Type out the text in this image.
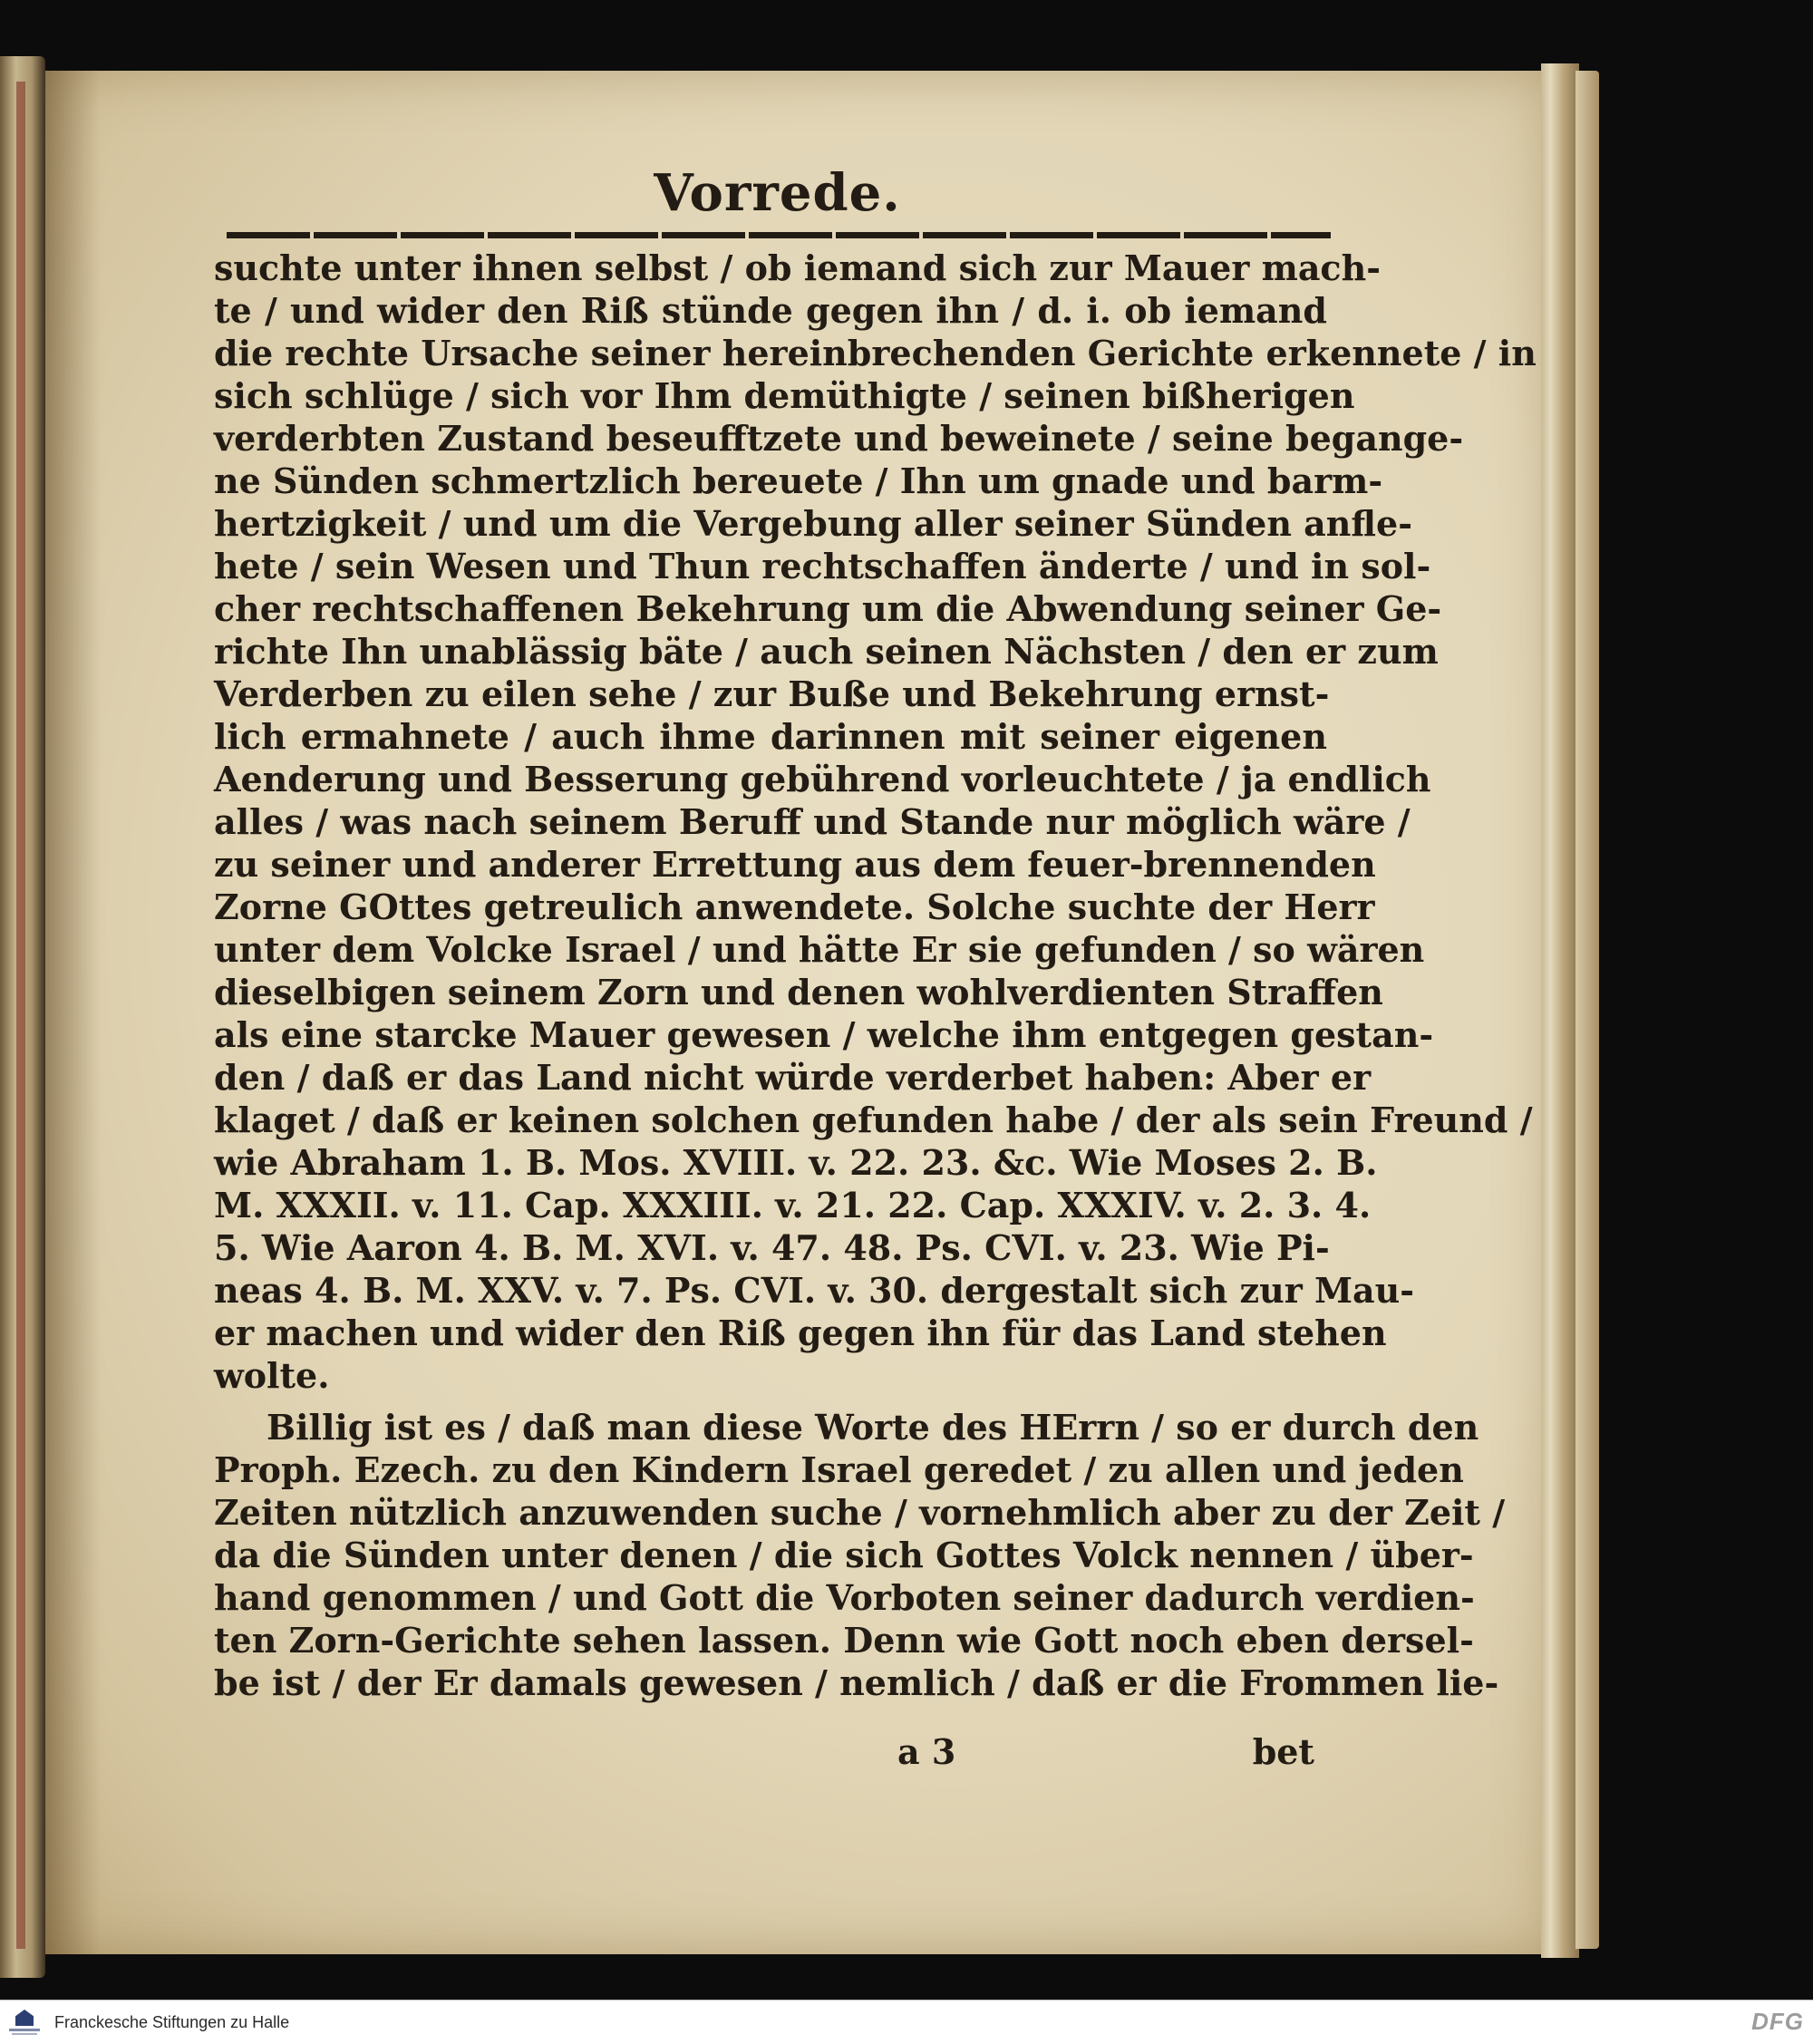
Vorrede.
suchte unter ihnen selbst / ob iemand sich zur Mauer mach-
te / und wider den Riß stünde gegen ihn / d. i. ob iemand
die rechte Ursache seiner hereinbrechenden Gerichte erkennete / in
sich schlüge / sich vor Ihm demüthigte / seinen bißherigen
verderbten Zustand beseufftzete und beweinete / seine begange-
ne Sünden schmertzlich bereuete / Ihn um gnade und barm-
hertzigkeit / und um die Vergebung aller seiner Sünden anfle-
hete / sein Wesen und Thun rechtschaffen änderte / und in sol-
cher rechtschaffenen Bekehrung um die Abwendung seiner Ge-
richte Ihn unablässig bäte / auch seinen Nächsten / den er zum
Verderben zu eilen sehe / zur Buße und Bekehrung ernst-
lich ermahnete / auch ihme darinnen mit seiner eigenen
Aenderung und Besserung gebührend vorleuchtete / ja endlich
alles / was nach seinem Beruff und Stande nur möglich wäre /
zu seiner und anderer Errettung aus dem feuer-brennenden
Zorne GOttes getreulich anwendete. Solche suchte der Herr
unter dem Volcke Israel / und hätte Er sie gefunden / so wären
dieselbigen seinem Zorn und denen wohlverdienten Straffen
als eine starcke Mauer gewesen / welche ihm entgegen gestan-
den / daß er das Land nicht würde verderbet haben: Aber er
klaget / daß er keinen solchen gefunden habe / der als sein Freund /
wie Abraham 1. B. Mos. XVIII. v. 22. 23. &c. Wie Moses 2. B.
M. XXXII. v. 11. Cap. XXXIII. v. 21. 22. Cap. XXXIV. v. 2. 3. 4.
5. Wie Aaron 4. B. M. XVI. v. 47. 48. Ps. CVI. v. 23. Wie Pi-
neas 4. B. M. XXV. v. 7. Ps. CVI. v. 30. dergestalt sich zur Mau-
er machen und wider den Riß gegen ihn für das Land stehen
wolte.
Billig ist es / daß man diese Worte des HErrn / so er durch den
Proph. Ezech. zu den Kindern Israel geredet / zu allen und jeden
Zeiten nützlich anzuwenden suche / vornehmlich aber zu der Zeit /
da die Sünden unter denen / die sich Gottes Volck nennen / über-
hand genommen / und Gott die Vorboten seiner dadurch verdien-
ten Zorn-Gerichte sehen lassen. Denn wie Gott noch eben dersel-
be ist / der Er damals gewesen / nemlich / daß er die Frommen lie-
a 3	bet
Franckesche Stiftungen zu Halle	DFG
